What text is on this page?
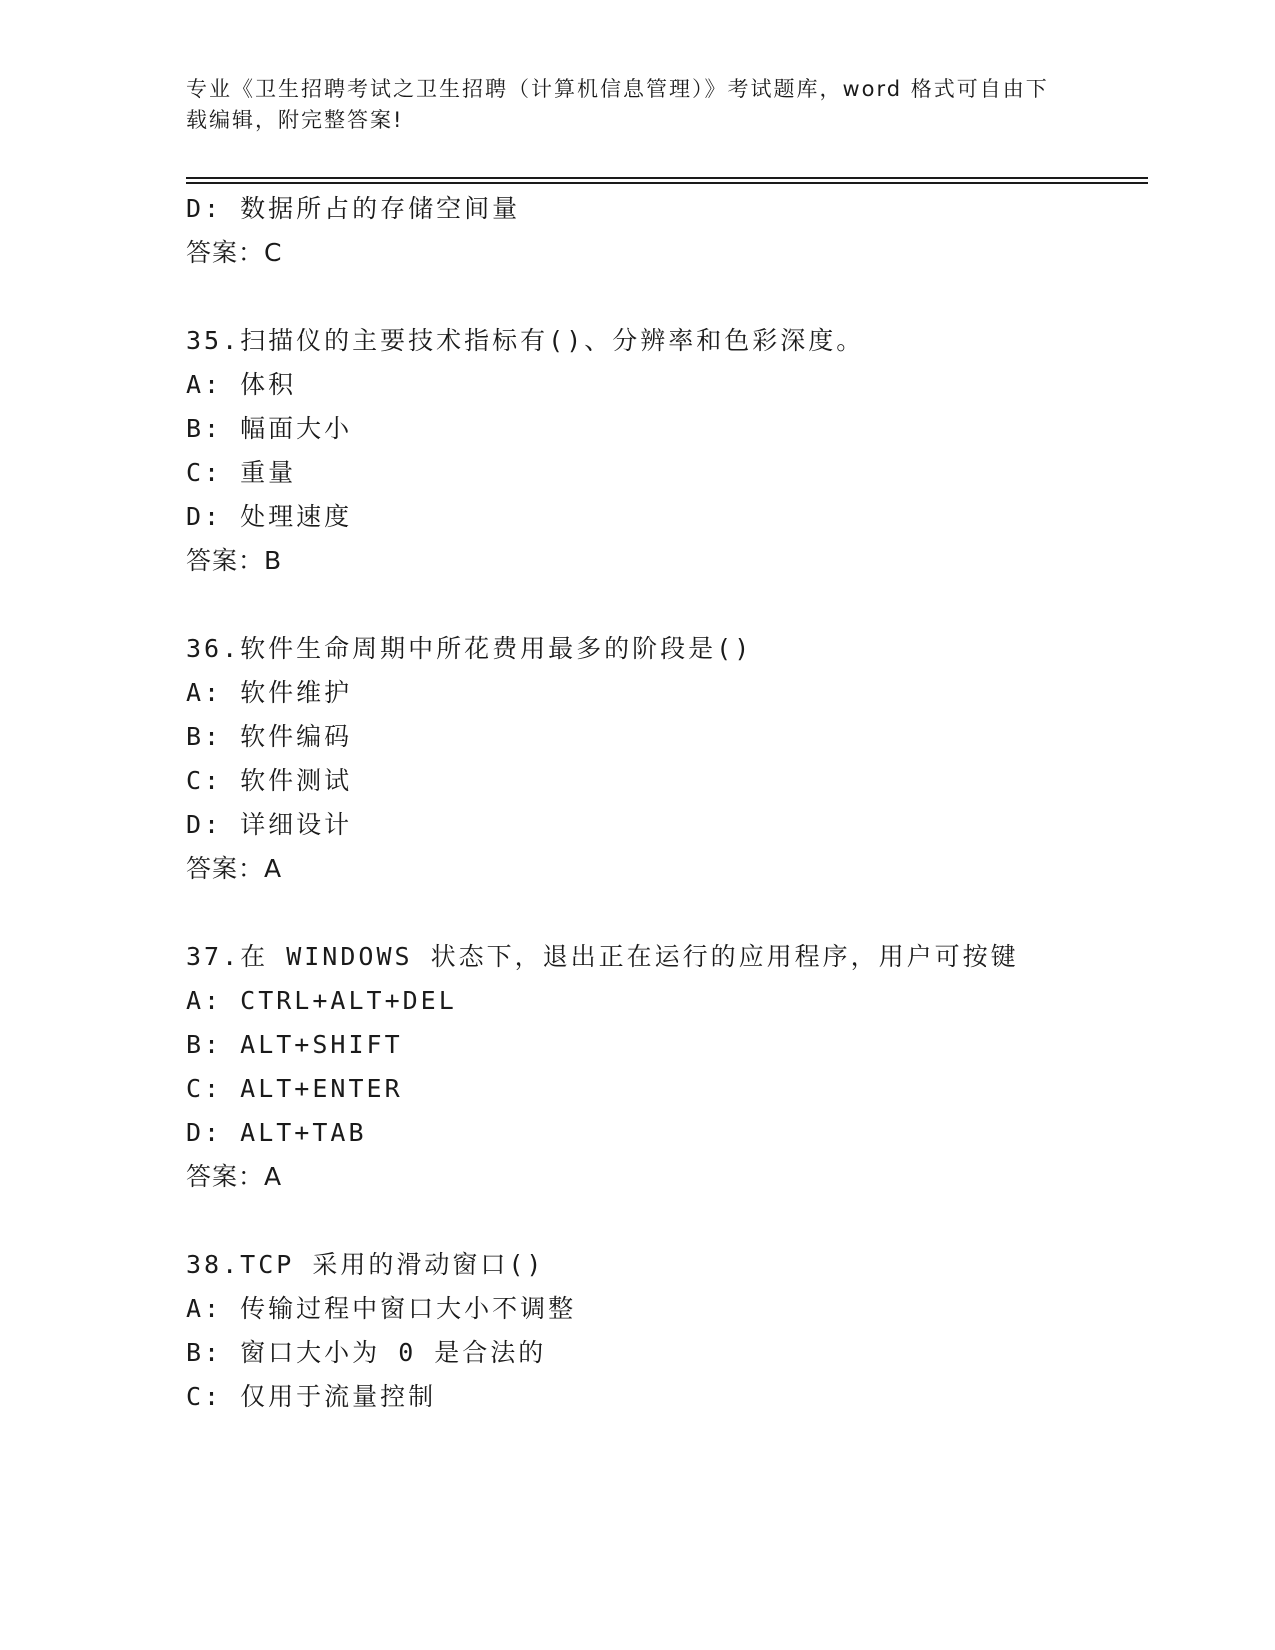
专业《卫生招聘考试之卫生招聘（计算机信息管理）》考试题库，word 格式可自由下载编辑，附完整答案!
D: 数据所占的存储空间量
答案：C
35.扫描仪的主要技术指标有()、分辨率和色彩深度。
A: 体积
B: 幅面大小
C: 重量
D: 处理速度
答案：B
36.软件生命周期中所花费用最多的阶段是()
A: 软件维护
B: 软件编码
C: 软件测试
D: 详细设计
答案：A
37.在 WINDOWS 状态下，退出正在运行的应用程序，用户可按键
A: CTRL+ALT+DEL
B: ALT+SHIFT
C: ALT+ENTER
D: ALT+TAB
答案：A
38.TCP 采用的滑动窗口()
A: 传输过程中窗口大小不调整
B: 窗口大小为 0 是合法的
C: 仅用于流量控制
